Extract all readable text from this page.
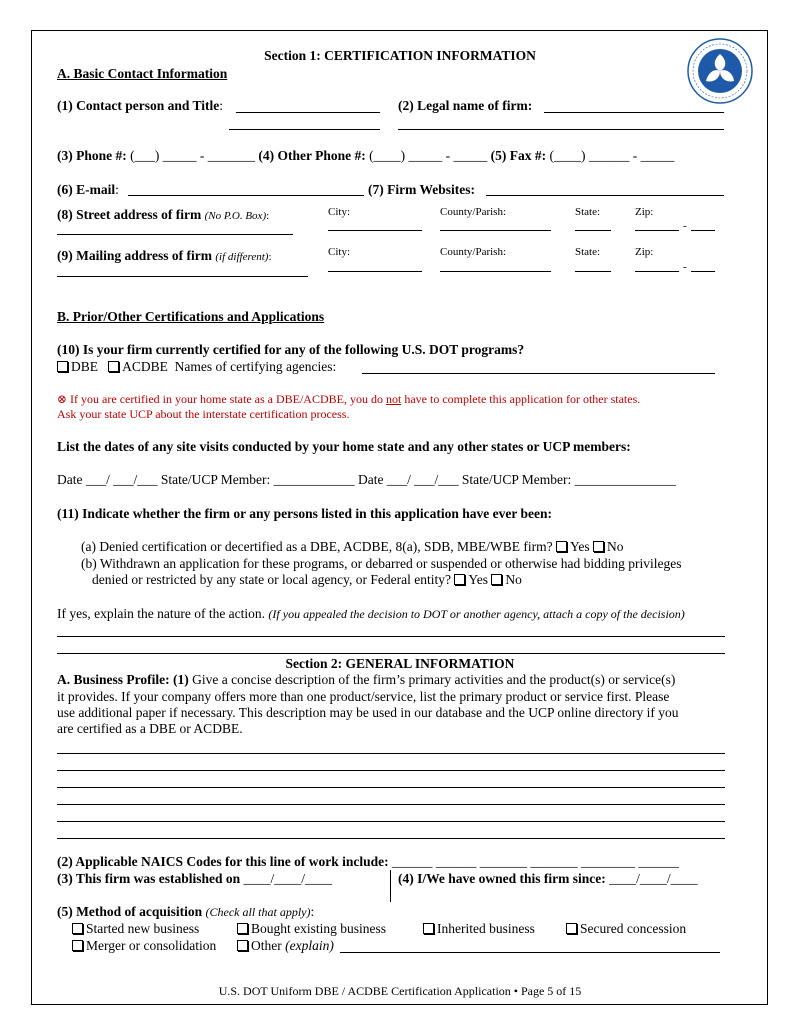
Section 1: CERTIFICATION INFORMATION
A. Basic Contact Information
(1) Contact person and Title:	(2) Legal name of firm:
(3) Phone #: (___) _____ - _______ (4) Other Phone #: (____) _____ - _____ (5) Fax #: (____) ______ - _____
(6) E-mail:	(7) Firm Websites:
(8) Street address of firm (No P.O. Box):	City:	County/Parish:	State:	Zip:
-
(9) Mailing address of firm (if different):	City:	County/Parish:	State:	Zip:
-
B. Prior/Other Certifications and Applications
(10) Is your firm currently certified for any of the following U.S. DOT programs?
DBE ACDBE Names of certifying agencies:
⊗ If you are certified in your home state as a DBE/ACDBE, you do not have to complete this application for other states.
Ask your state UCP about the interstate certification process.
List the dates of any site visits conducted by your home state and any other states or UCP members:
Date ___/ ___/___ State/UCP Member: ____________ Date ___/ ___/___ State/UCP Member: _______________
(11) Indicate whether the firm or any persons listed in this application have ever been:
(a) Denied certification or decertified as a DBE, ACDBE, 8(a), SDB, MBE/WBE firm? Yes No
(b) Withdrawn an application for these programs, or debarred or suspended or otherwise had bidding privileges
denied or restricted by any state or local agency, or Federal entity? Yes No
If yes, explain the nature of the action. (If you appealed the decision to DOT or another agency, attach a copy of the decision)
Section 2: GENERAL INFORMATION
A. Business Profile: (1) Give a concise description of the firm’s primary activities and the product(s) or service(s)
it provides. If your company offers more than one product/service, list the primary product or service first. Please
use additional paper if necessary. This description may be used in our database and the UCP online directory if you
are certified as a DBE or ACDBE.
(2) Applicable NAICS Codes for this line of work include: ______ ______ _______ _______ ________ ______
(3) This firm was established on ____/____/____	(4) I/We have owned this firm since: ____/____/____
(5) Method of acquisition (Check all that apply):
Started new business	Bought existing business	Inherited business	Secured concession
Merger or consolidation	Other (explain)
U.S. DOT Uniform DBE / ACDBE Certification Application • Page 5 of 15
